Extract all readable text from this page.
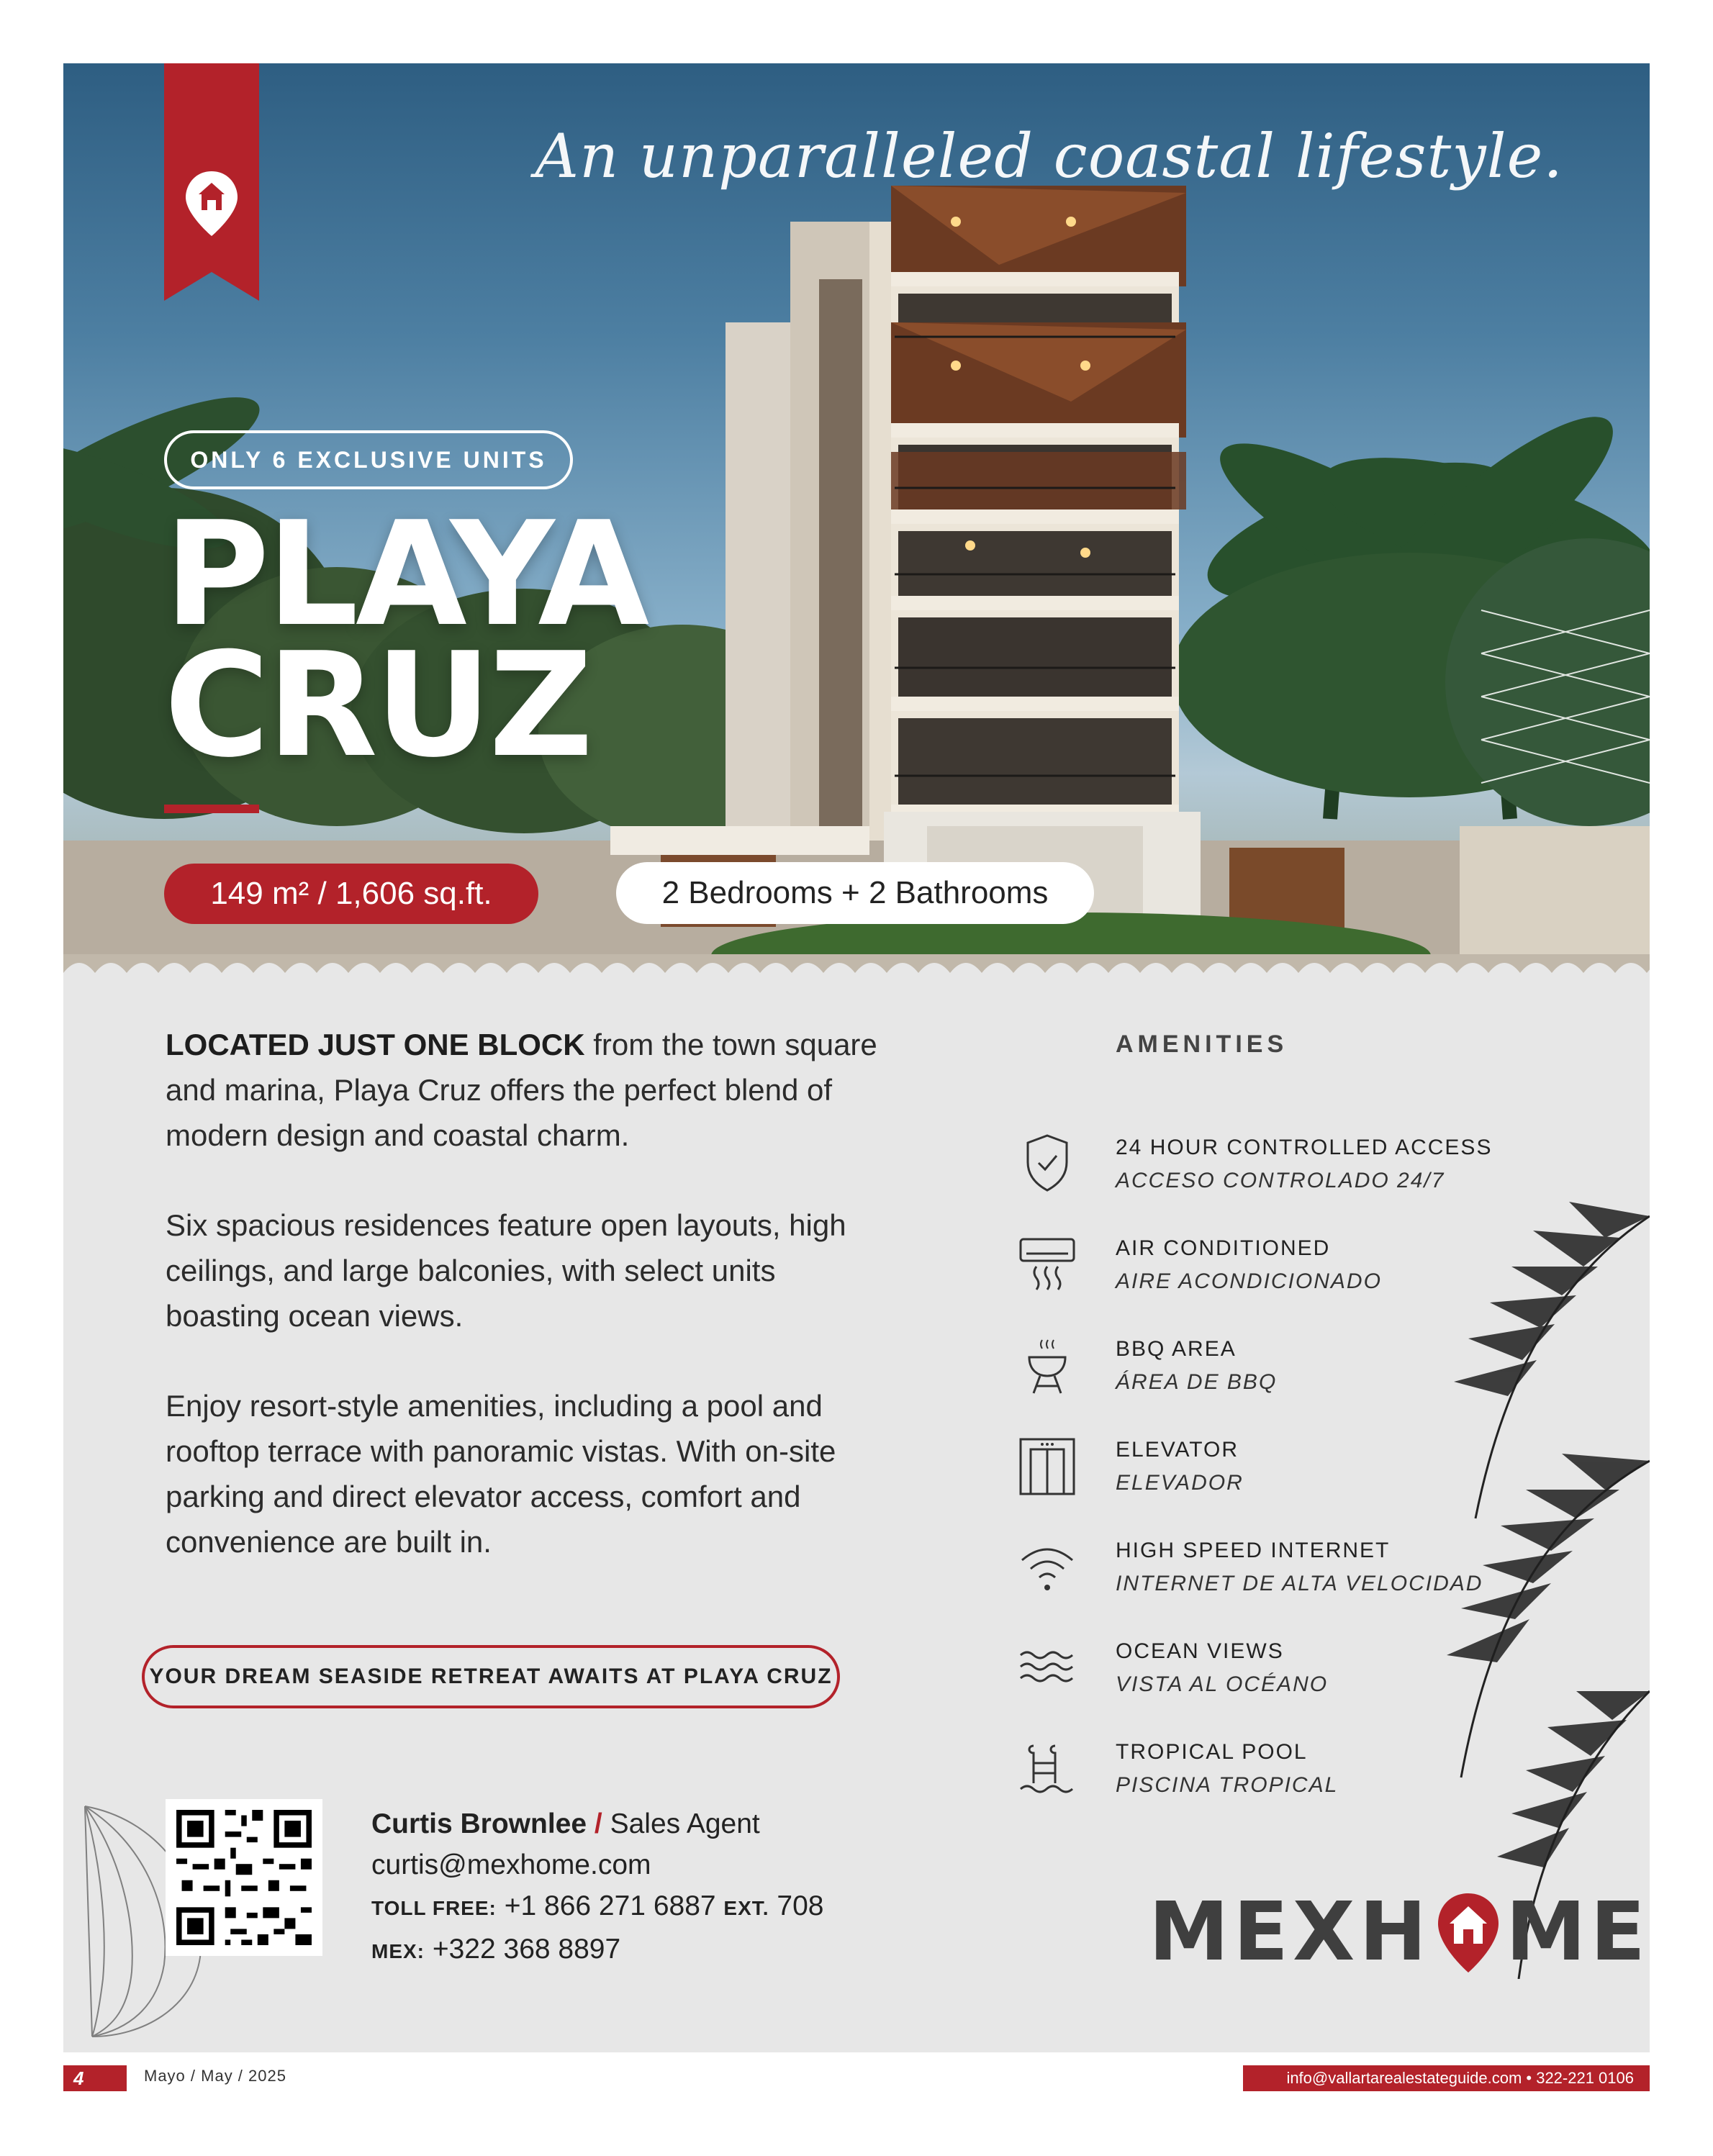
An unparalleled coastal lifestyle.
ONLY 6 EXCLUSIVE UNITS
PLAYA
CRUZ
149 m² / 1,606 sq.ft.	2 Bedrooms + 2 Bathrooms

LOCATED JUST ONE BLOCK from the town square and marina, Playa Cruz offers the perfect blend of modern design and coastal charm.

Six spacious residences feature open layouts, high ceilings, and large balconies, with select units boasting ocean views.

Enjoy resort-style amenities, including a pool and rooftop terrace with panoramic vistas. With on-site parking and direct elevator access, comfort and convenience are built in.

YOUR DREAM SEASIDE RETREAT AWAITS AT PLAYA CRUZ
AMENITIES
24 HOUR CONTROLLED ACCESS
ACCESO CONTROLADO 24/7
AIR CONDITIONED
AIRE ACONDICIONADO
BBQ AREA
ÁREA DE BBQ
ELEVATOR
ELEVADOR
HIGH SPEED INTERNET
INTERNET DE ALTA VELOCIDAD
OCEAN VIEWS
VISTA AL OCÉANO
TROPICAL POOL
PISCINA TROPICAL
Curtis Brownlee / Sales Agent
curtis@mexhome.com
TOLL FREE: +1 866 271 6887 EXT. 708
MEX: +322 368 8897	MEXH ME
4	Mayo / May / 2025	info@vallartarealestateguide.com • 322-221 0106
